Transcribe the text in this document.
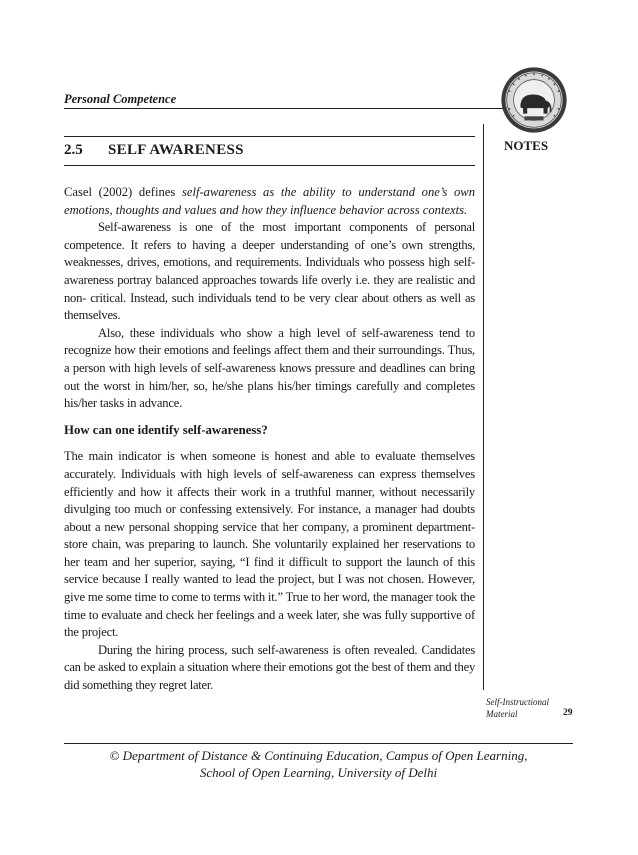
Personal Competence
2.5 SELF AWARENESS	NOTES

Casel (2002) defines self-awareness as the ability to understand one’s own emotions, thoughts and values and how they influence behavior across contexts.

Self-awareness is one of the most important components of personal competence. It refers to having a deeper understanding of one’s own strengths, weaknesses, drives, emotions, and requirements. Individuals who possess high self-awareness portray balanced approaches towards life overly i.e. they are realistic and non- critical. Instead, such individuals tend to be very clear about others as well as themselves.

Also, these individuals who show a high level of self-awareness tend to recognize how their emotions and feelings affect them and their surroundings. Thus, a person with high levels of self-awareness knows pressure and deadlines can bring out the worst in him/her, so, he/she plans his/her timings carefully and completes his/her tasks in advance.

How can one identify self-awareness?

The main indicator is when someone is honest and able to evaluate themselves accurately. Individuals with high levels of self-awareness can express themselves efficiently and how it affects their work in a truthful manner, without necessarily divulging too much or confessing extensively. For instance, a manager had doubts about a new personal shopping service that her company, a prominent department-store chain, was preparing to launch. She voluntarily explained her reservations to her team and her superior, saying, “I find it difficult to support the launch of this service because I really wanted to lead the project, but I was not chosen. However, give me some time to come to terms with it.” True to her word, the manager took the time to evaluate and check her feelings and a week later, she was fully supportive of the project.

During the hiring process, such self-awareness is often revealed. Candidates can be asked to explain a situation where their emotions got the best of them and they did something they regret later.

Self-Instructional
Material	29
© Department of Distance & Continuing Education, Campus of Open Learning,
School of Open Learning, University of Delhi
